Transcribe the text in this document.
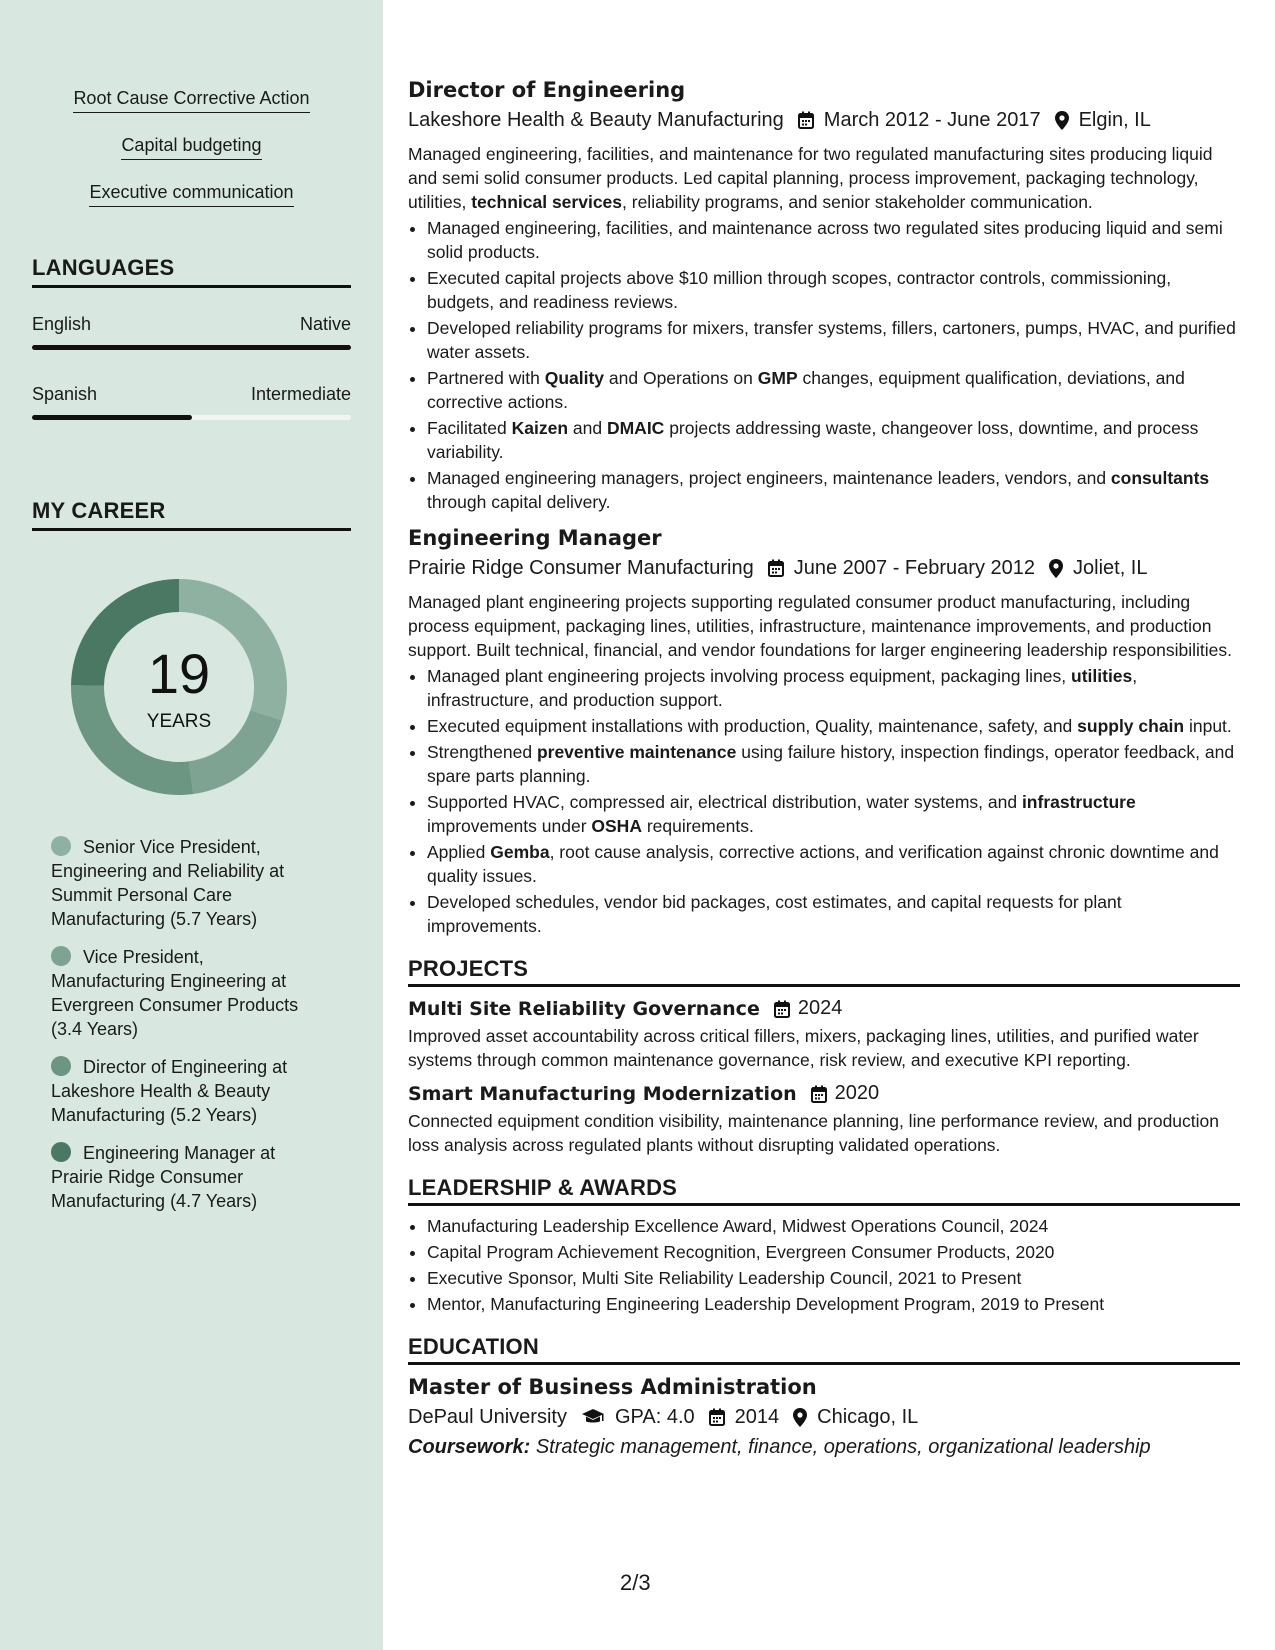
Root Cause Corrective Action
Capital budgeting
Executive communication
LANGUAGES
English	Native
Spanish	Intermediate
MY CAREER
19
YEARS
Senior Vice President, Engineering and Reliability at Summit Personal Care Manufacturing (5.7 Years)
Vice President, Manufacturing Engineering at Evergreen Consumer Products (3.4 Years)
Director of Engineering at Lakeshore Health & Beauty Manufacturing (5.2 Years)
Engineering Manager at Prairie Ridge Consumer Manufacturing (4.7 Years)
Director of Engineering
Lakeshore Health & Beauty Manufacturing March 2012 - June 2017 Elgin, IL
Managed engineering, facilities, and maintenance for two regulated manufacturing sites producing liquid and semi solid consumer products. Led capital planning, process improvement, packaging technology, utilities, technical services, reliability programs, and senior stakeholder communication.
• Managed engineering, facilities, and maintenance across two regulated sites producing liquid and semi solid products.
• Executed capital projects above $10 million through scopes, contractor controls, commissioning, budgets, and readiness reviews.
• Developed reliability programs for mixers, transfer systems, fillers, cartoners, pumps, HVAC, and purified water assets.
• Partnered with Quality and Operations on GMP changes, equipment qualification, deviations, and corrective actions.
• Facilitated Kaizen and DMAIC projects addressing waste, changeover loss, downtime, and process variability.
• Managed engineering managers, project engineers, maintenance leaders, vendors, and consultants through capital delivery.
Engineering Manager
Prairie Ridge Consumer Manufacturing June 2007 - February 2012 Joliet, IL
Managed plant engineering projects supporting regulated consumer product manufacturing, including process equipment, packaging lines, utilities, infrastructure, maintenance improvements, and production support. Built technical, financial, and vendor foundations for larger engineering leadership responsibilities.
• Managed plant engineering projects involving process equipment, packaging lines, utilities, infrastructure, and production support.
• Executed equipment installations with production, Quality, maintenance, safety, and supply chain input.
• Strengthened preventive maintenance using failure history, inspection findings, operator feedback, and spare parts planning.
• Supported HVAC, compressed air, electrical distribution, water systems, and infrastructure improvements under OSHA requirements.
• Applied Gemba, root cause analysis, corrective actions, and verification against chronic downtime and quality issues.
• Developed schedules, vendor bid packages, cost estimates, and capital requests for plant improvements.
PROJECTS
Multi Site Reliability Governance 2024
Improved asset accountability across critical fillers, mixers, packaging lines, utilities, and purified water systems through common maintenance governance, risk review, and executive KPI reporting.
Smart Manufacturing Modernization 2020
Connected equipment condition visibility, maintenance planning, line performance review, and production loss analysis across regulated plants without disrupting validated operations.
LEADERSHIP & AWARDS
• Manufacturing Leadership Excellence Award, Midwest Operations Council, 2024
• Capital Program Achievement Recognition, Evergreen Consumer Products, 2020
• Executive Sponsor, Multi Site Reliability Leadership Council, 2021 to Present
• Mentor, Manufacturing Engineering Leadership Development Program, 2019 to Present
EDUCATION
Master of Business Administration
DePaul University GPA: 4.0 2014 Chicago, IL
Coursework: Strategic management, finance, operations, organizational leadership
2/3
